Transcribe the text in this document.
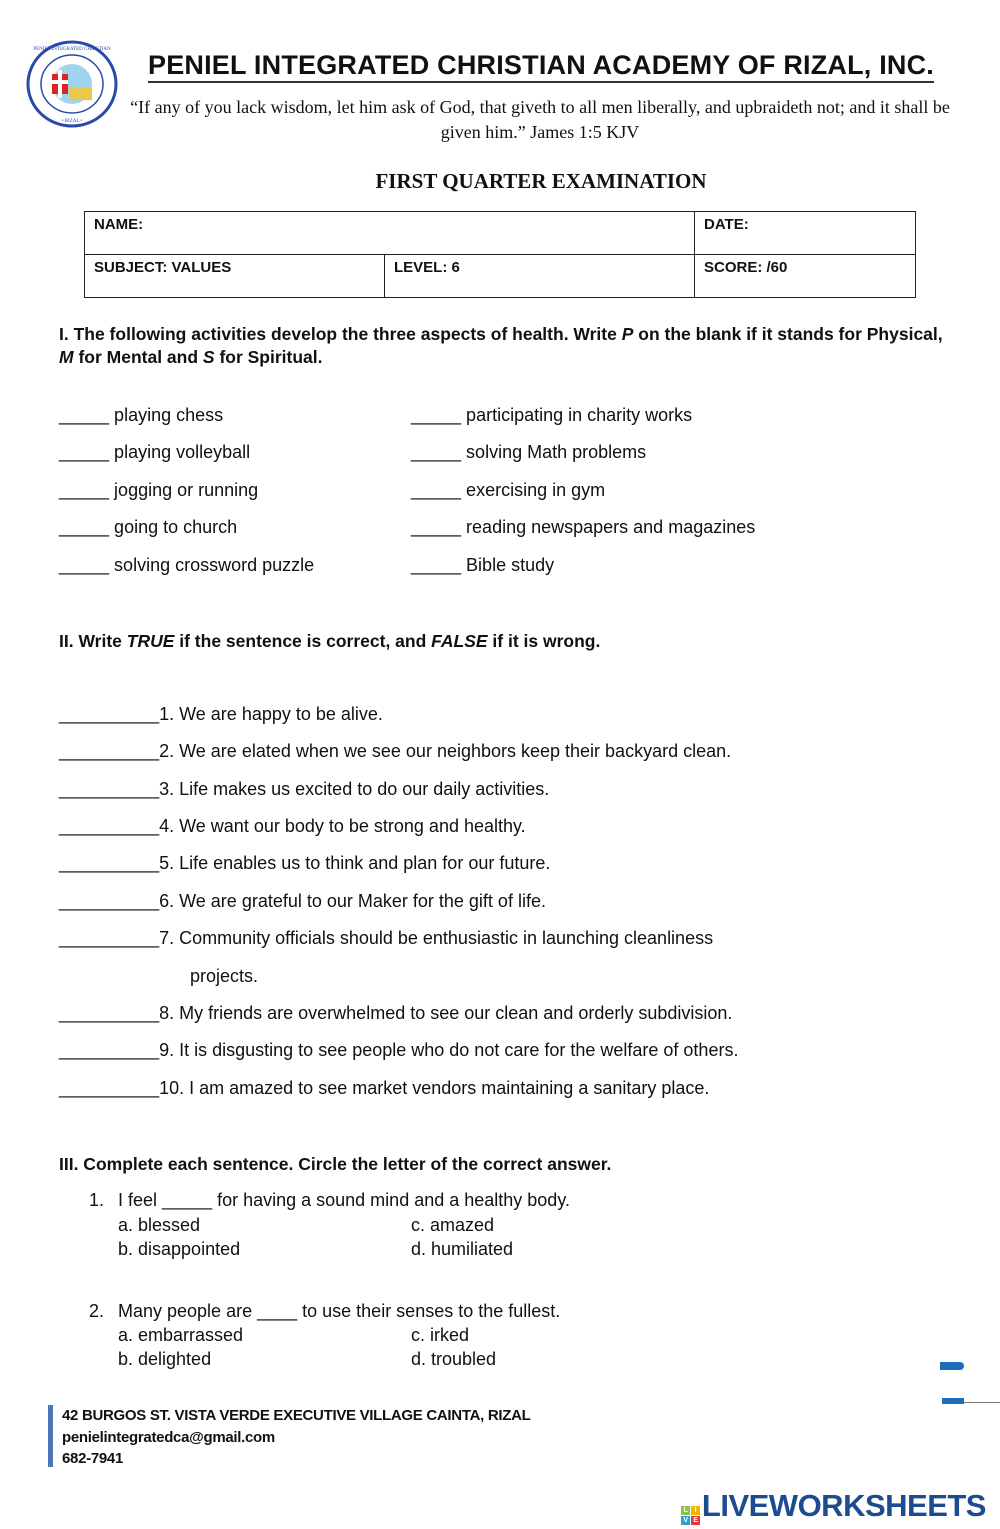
PENIEL INTEGRATED CHRISTIAN
• RIZAL •
PENIEL INTEGRATED CHRISTIAN ACADEMY OF RIZAL, INC.
“If any of you lack wisdom, let him ask of God, that giveth to all men liberally, and upbraideth not; and it shall be given him.” James 1:5 KJV
FIRST QUARTER EXAMINATION
NAME:		DATE:
SUBJECT: VALUES	LEVEL: 6	SCORE: /60
I. The following activities develop the three aspects of health. Write P on the blank if it stands for Physical, M for Mental and S for Spiritual.
_____ playing chess
_____ playing volleyball
_____ jogging or running
_____ going to church
_____ solving crossword puzzle
_____ participating in charity works
_____ solving Math problems
_____ exercising in gym
_____ reading newspapers and magazines
_____ Bible study
II. Write TRUE if the sentence is correct, and FALSE if it is wrong.
__________1. We are happy to be alive.
__________2. We are elated when we see our neighbors keep their backyard clean.
__________3. Life makes us excited to do our daily activities.
__________4. We want our body to be strong and healthy.
__________5. Life enables us to think and plan for our future.
__________6. We are grateful to our Maker for the gift of life.
__________7. Community officials should be enthusiastic in launching cleanliness
projects.
__________8. My friends are overwhelmed to see our clean and orderly subdivision.
__________9. It is disgusting to see people who do not care for the welfare of others.
__________10. I am amazed to see market vendors maintaining a sanitary place.
III. Complete each sentence. Circle the letter of the correct answer.
1. I feel _____ for having a sound mind and a healthy body.
a. blessed
b. disappointed
c. amazed
d. humiliated
2. Many people are ____ to use their senses to the fullest.
a. embarrassed
b. delighted
c. irked
d. troubled
42 BURGOS ST. VISTA VERDE EXECUTIVE VILLAGE CAINTA, RIZAL
penielintegratedca@gmail.com
682-7941
L	I
V E LIVEWORKSHEETS
